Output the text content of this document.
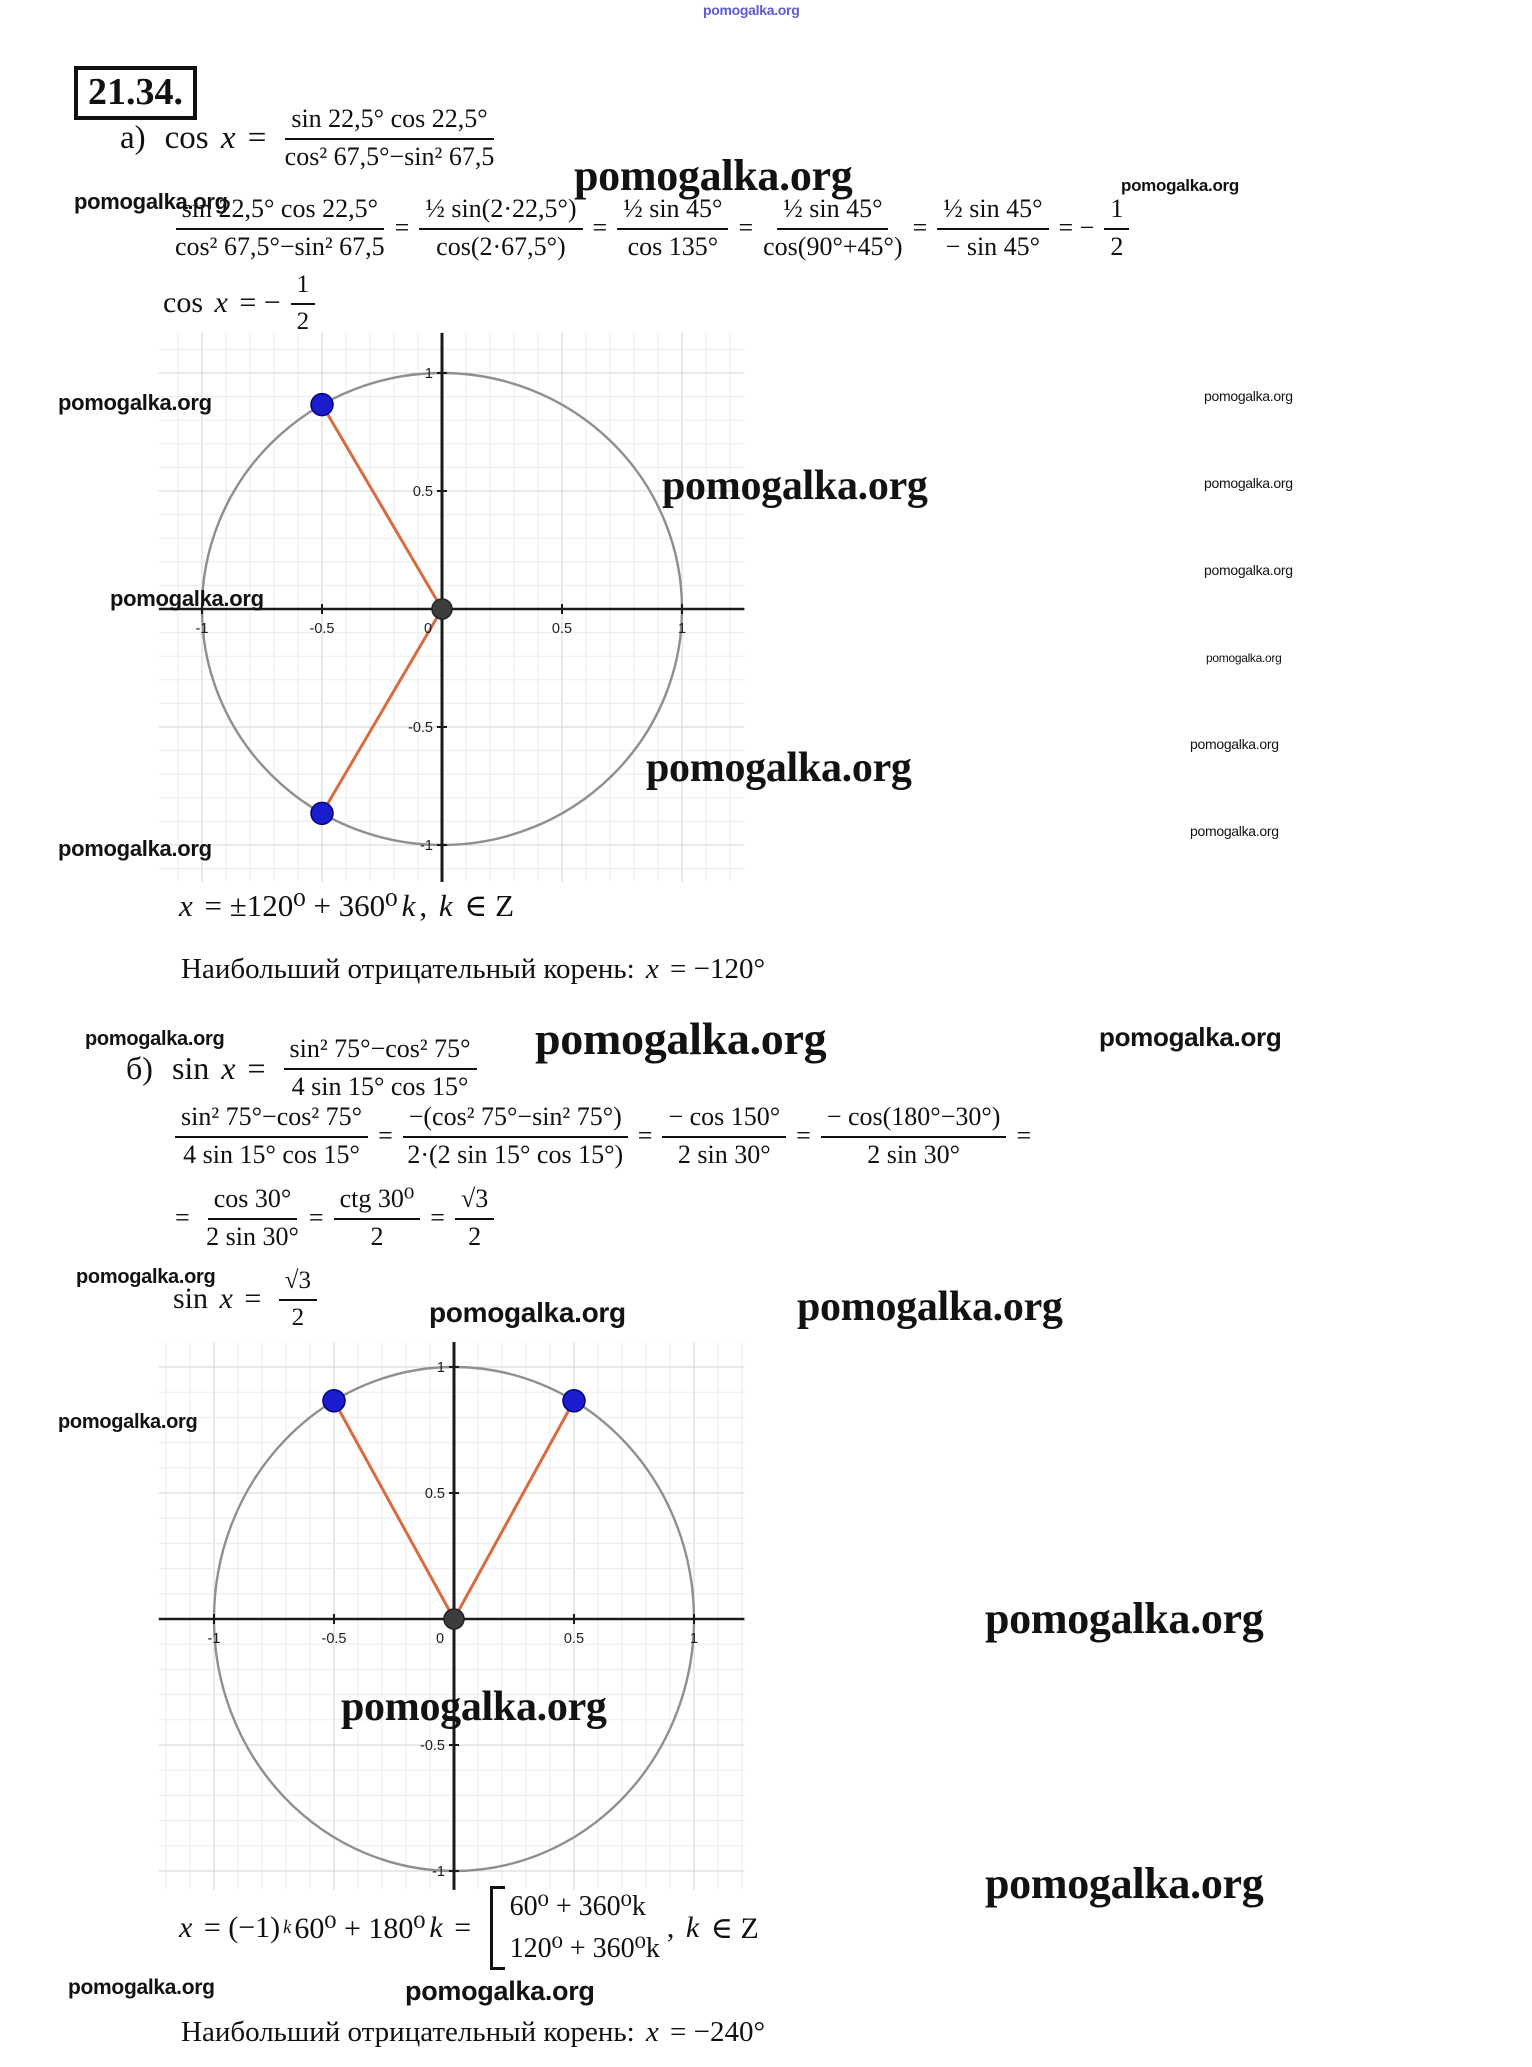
21.34.
а) cos x =
sin 22,5° cos 22,5°
cos² 67,5°−sin² 67,5
$\frac{\sin 22,5^\circ \cos 22,5^\circ}{\text{cos² 67,5°−sin² 67,5}} = \frac{\text{½ sin(2·22,5°)}}{\cos(2\cdot 67,5^\circ)} = \frac{\text{½ sin 45°}}{\cos 135^\circ} = \frac{\text{½ sin 45°}}{\cos(90^\circ+45^\circ)} = \frac{\text{½ sin 45°}}{- \sin 45^\circ}$ = − $\frac{1}{2}$
cos x = − $\frac{1}{2}$
-1	-0.5	0	0.5	1
1
0.5
-0.5
-1
x = ±120⁰ + 360⁰ k , k ∈ Z
Наибольший отрицательный корень: x = −120°
б) sin x =
sin² 75°−cos² 75°
4 sin 15° cos 15°
$\frac{\text{sin² 75°−cos² 75°}}{4 \sin 15^\circ \cos 15^\circ} = \frac{\text{−(cos² 75°−sin² 75°)}}{2\cdot(2 \sin 15^\circ \cos 15^\circ)} = \frac{- \cos 150^\circ}{2 \sin 30^\circ} = \frac{- \cos(180^\circ-30^\circ)}{2 \sin 30^\circ}$ =
= $\frac{\cos 30^\circ}{2 \sin 30^\circ}$ =
ctg 30⁰
2
= $\frac{√3}{2}$
$\sin x = \frac{√3}{2}$
-1	-0.5	0	0.5	1
1
0.5
-0.5
-1
x = (−1) k 60⁰ + 180⁰ k =
60⁰ + 360⁰k
120⁰ + 360⁰k
, k ∈ Z
Наибольший отрицательный корень: x = −240°
pomogalka.org
pomogalka.org
pomogalka.org	pomogalka.org
pomogalka.org
pomogalka.org
pomogalka.org
pomogalka.org
pomogalka.org
pomogalka.org
pomogalka.org
pomogalka.org
pomogalka.org
pomogalka.org
pomogalka.org
pomogalka.org	pomogalka.org	pomogalka.org
pomogalka.org
pomogalka.org	pomogalka.org
pomogalka.org
pomogalka.org
pomogalka.org
pomogalka.org
pomogalka.org	pomogalka.org
